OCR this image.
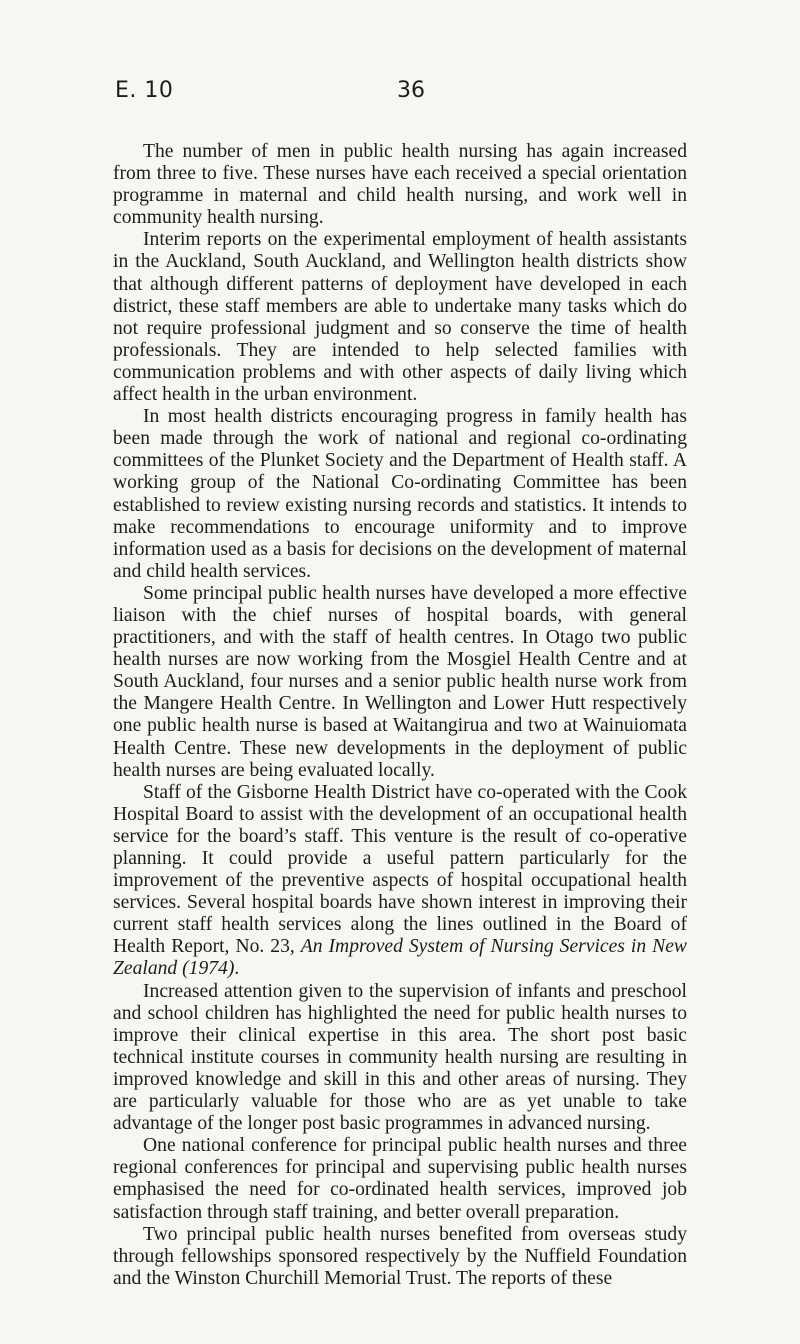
E. 10	36

The number of men in public health nursing has again increased from three to five. These nurses have each received a special orientation programme in maternal and child health nursing, and work well in community health nursing.

Interim reports on the experimental employment of health assistants in the Auckland, South Auckland, and Wellington health districts show that although different patterns of deployment have developed in each district, these staff members are able to undertake many tasks which do not require professional judgment and so conserve the time of health professionals. They are intended to help selected families with communication problems and with other aspects of daily living which affect health in the urban environment.

In most health districts encouraging progress in family health has been made through the work of national and regional co-ordinating committees of the Plunket Society and the Department of Health staff. A working group of the National Co-ordinating Committee has been established to review existing nursing records and statistics. It intends to make recommendations to encourage uniformity and to improve information used as a basis for decisions on the development of maternal and child health services.

Some principal public health nurses have developed a more effective liaison with the chief nurses of hospital boards, with general practitioners, and with the staff of health centres. In Otago two public health nurses are now working from the Mosgiel Health Centre and at South Auckland, four nurses and a senior public health nurse work from the Mangere Health Centre. In Wellington and Lower Hutt respectively one public health nurse is based at Waitangirua and two at Wainuiomata Health Centre. These new developments in the deployment of public health nurses are being evaluated locally.

Staff of the Gisborne Health District have co-operated with the Cook Hospital Board to assist with the development of an occupational health service for the board’s staff. This venture is the result of co-operative planning. It could provide a useful pattern particularly for the improvement of the preventive aspects of hospital occupational health services. Several hospital boards have shown interest in improving their current staff health services along the lines outlined in the Board of Health Report, No. 23, An Improved System of Nursing Services in New Zealand (1974).

Increased attention given to the supervision of infants and preschool and school children has highlighted the need for public health nurses to improve their clinical expertise in this area. The short post basic technical institute courses in community health nursing are resulting in improved knowledge and skill in this and other areas of nursing. They are particularly valuable for those who are as yet unable to take advantage of the longer post basic programmes in advanced nursing.

One national conference for principal public health nurses and three regional conferences for principal and supervising public health nurses emphasised the need for co-ordinated health services, improved job satisfaction through staff training, and better overall preparation.

Two principal public health nurses benefited from overseas study through fellowships sponsored respectively by the Nuffield Foundation and the Winston Churchill Memorial Trust. The reports of these
